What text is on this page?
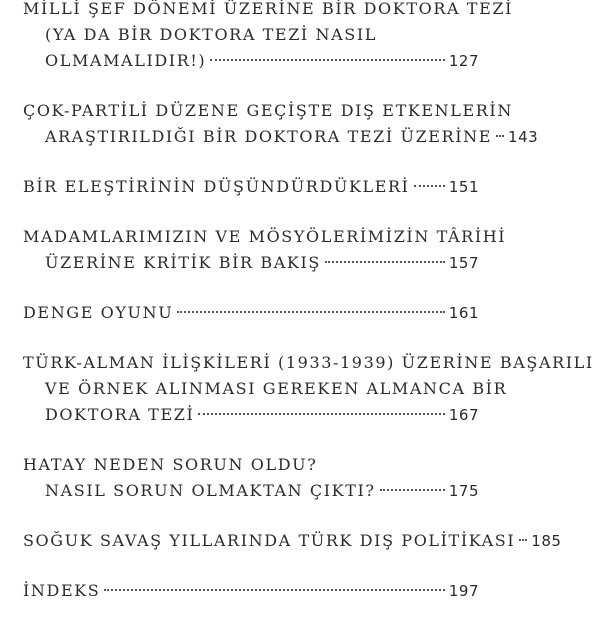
MİLLİ ŞEF DÖNEMİ ÜZERİNE BİR DOKTORA TEZİ
(YA DA BİR DOKTORA TEZİ NASIL
OLMAMALIDIR!)	127
ÇOK-PARTİLİ DÜZENE GEÇİŞTE DIŞ ETKENLERİN
ARAŞTIRILDIĞI BİR DOKTORA TEZİ ÜZERİNE 143
BİR ELEŞTİRİNİN DÜŞÜNDÜRDÜKLERİ	151
MADAMLARIMIZIN VE MÖSYÖLERİMİZİN TÂRİHİ
ÜZERİNE KRİTİK BİR BAKIŞ	157
DENGE OYUNU	161
TÜRK-ALMAN İLİŞKİLERİ (1933-1939) ÜZERİNE BAŞARILI
VE ÖRNEK ALINMASI GEREKEN ALMANCA BİR
DOKTORA TEZİ	167
HATAY NEDEN SORUN OLDU?
NASIL SORUN OLMAKTAN ÇIKTI?	175
SOĞUK SAVAŞ YILLARINDA TÜRK DIŞ POLİTİKASI 185
İNDEKS	197
